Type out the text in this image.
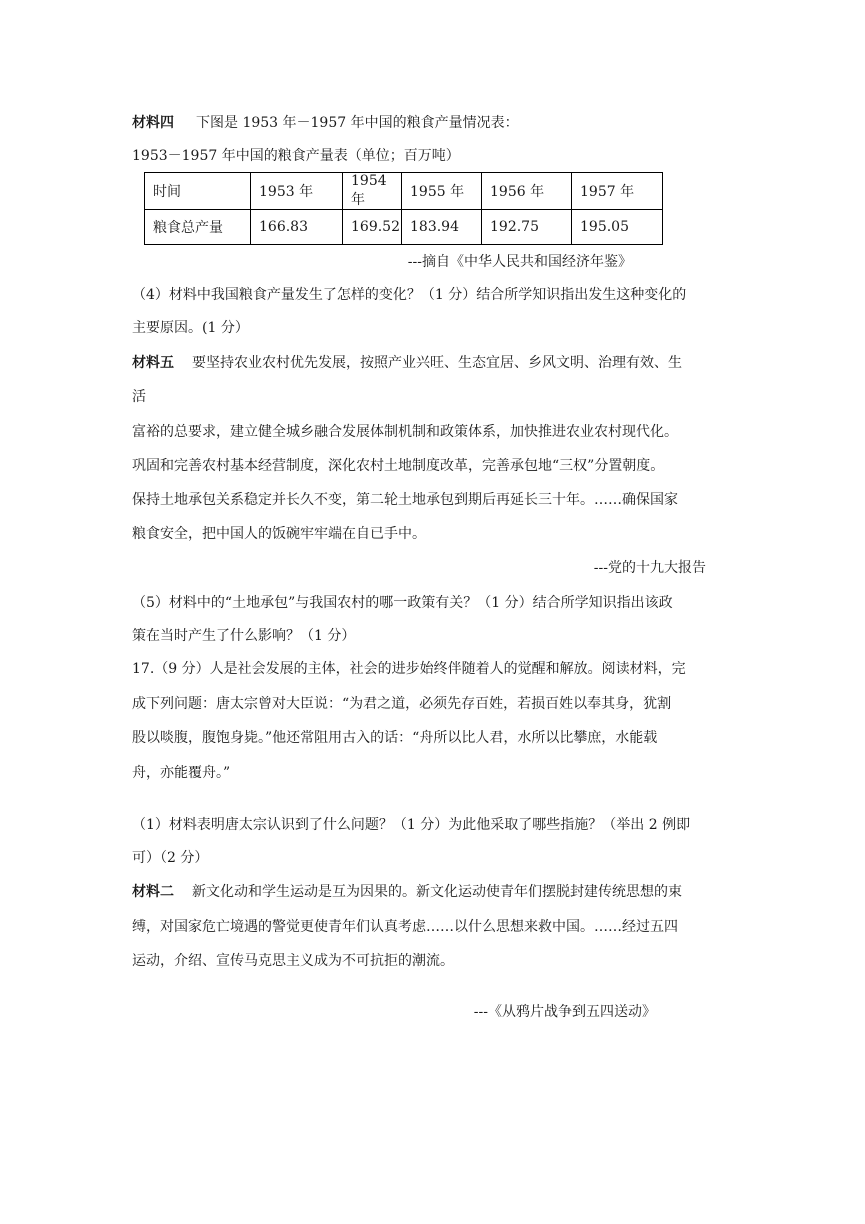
材料四 下图是 1953 年－1957 年中国的粮食产量情况表：
1953－1957 年中国的粮食产量表（单位；百万吨）
时间	1953 年	1954 年	1955 年	1956 年	1957 年
粮食总产量	166.83	169.52	183.94	192.75	195.05
---摘自《中华人民共和国经济年鉴》
（4）材料中我国粮食产量发生了怎样的变化？（1 分）结合所学知识指出发生这种变化的
主要原因。(1 分）
材料五 要坚持农业农村优先发展，按照产业兴旺、生态宜居、乡风文明、治理有效、生
活
富裕的总要求，建立健全城乡融合发展体制机制和政策体系，加快推进农业农村现代化。
巩固和完善农村基本经营制度，深化农村土地制度改革，完善承包地“三权”分置朝度。
保持土地承包关系稳定并长久不变，第二轮土地承包到期后再延长三十年。……确保国家
粮食安全，把中国人的饭碗牢牢端在自已手中。
---党的十九大报告
（5）材料中的“土地承包”与我国农村的哪一政策有关？（1 分）结合所学知识指出该政
策在当时产生了什么影响？（1 分）
17.（9 分）人是社会发展的主体，社会的进步始终伴随着人的觉醒和解放。阅读材料，完
成下列问题：唐太宗曾对大臣说：“为君之道，必须先存百姓，若损百姓以奉其身，犹割
股以啖腹，腹饱身毙。”他还常阻用古入的话：“舟所以比人君，水所以比攀庶，水能载
舟，亦能覆舟。”
（1）材料表明唐太宗认识到了什么问题？（1 分）为此他采取了哪些指施？（举出 2 例即
可）（2 分）
材料二 新文化动和学生运动是互为因果的。新文化运动使青年们摆脱封建传统思想的束
缚，对国家危亡境遇的警觉更使青年们认真考虑……以什么思想来救中国。……经过五四
运动，介绍、宣传马克思主义成为不可抗拒的潮流。
---《从鸦片战争到五四送动》
